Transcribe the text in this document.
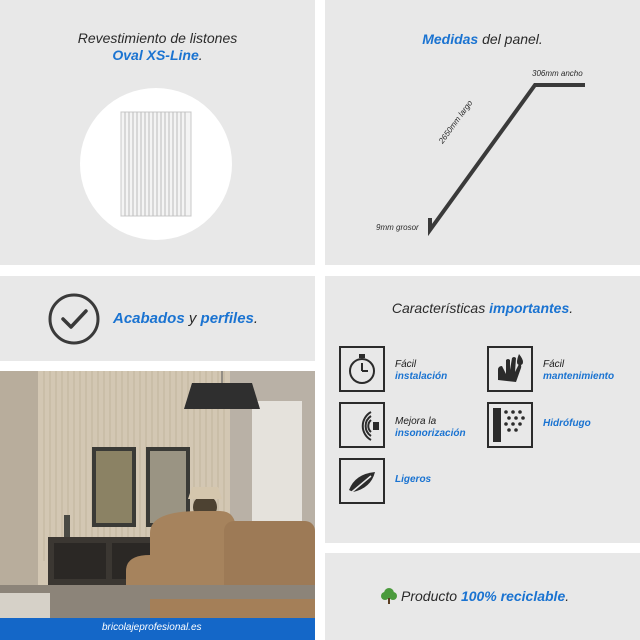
Revestimiento de listones
Oval XS-Line.
Medidas del panel.
306mm ancho
2650mm largo
9mm grosor
Acabados y perfiles.
Características importantes.
Fácil
instalación
Fácil
mantenimiento
Mejora la
insonorización
Hidrófugo
Ligeros
bricolajeprofesional.es
Producto 100% reciclable.
